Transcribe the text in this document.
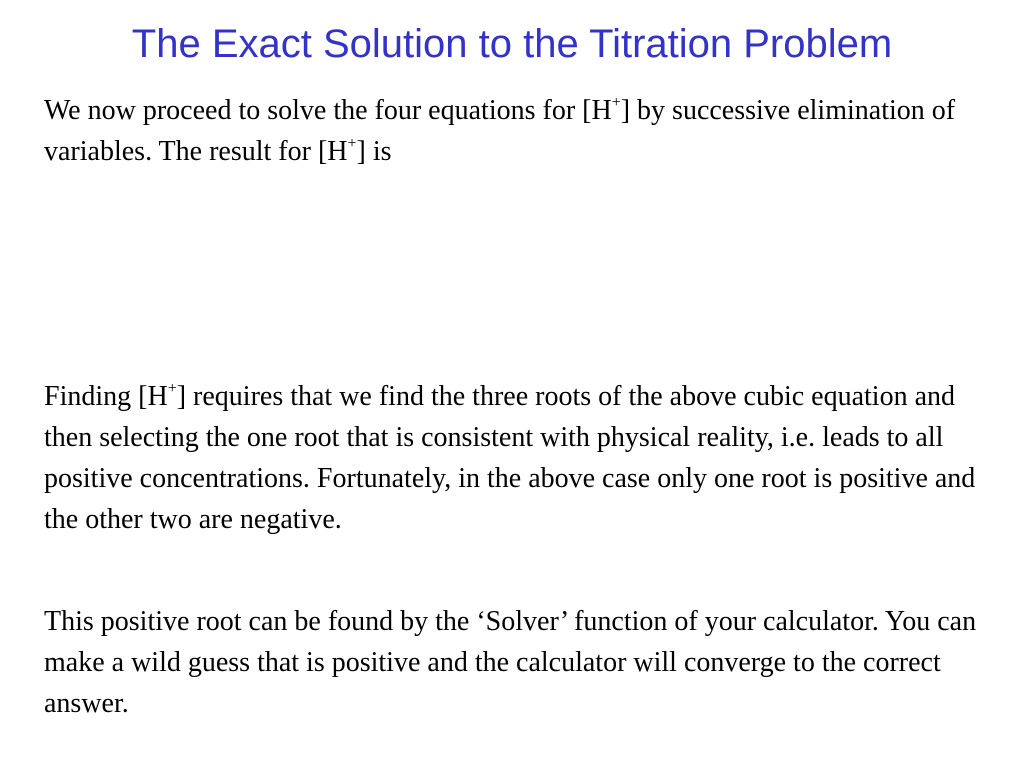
The Exact Solution to the Titration Problem

We now proceed to solve the four equations for [H+] by successive elimination of variables. The result for [H+] is

Finding [H+] requires that we find the three roots of the above cubic equation and then selecting the one root that is consistent with physical reality, i.e. leads to all positive concentrations. Fortunately, in the above case only one root is positive and the other two are negative.

This positive root can be found by the ‘Solver’ function of your calculator. You can make a wild guess that is positive and the calculator will converge to the correct answer.
